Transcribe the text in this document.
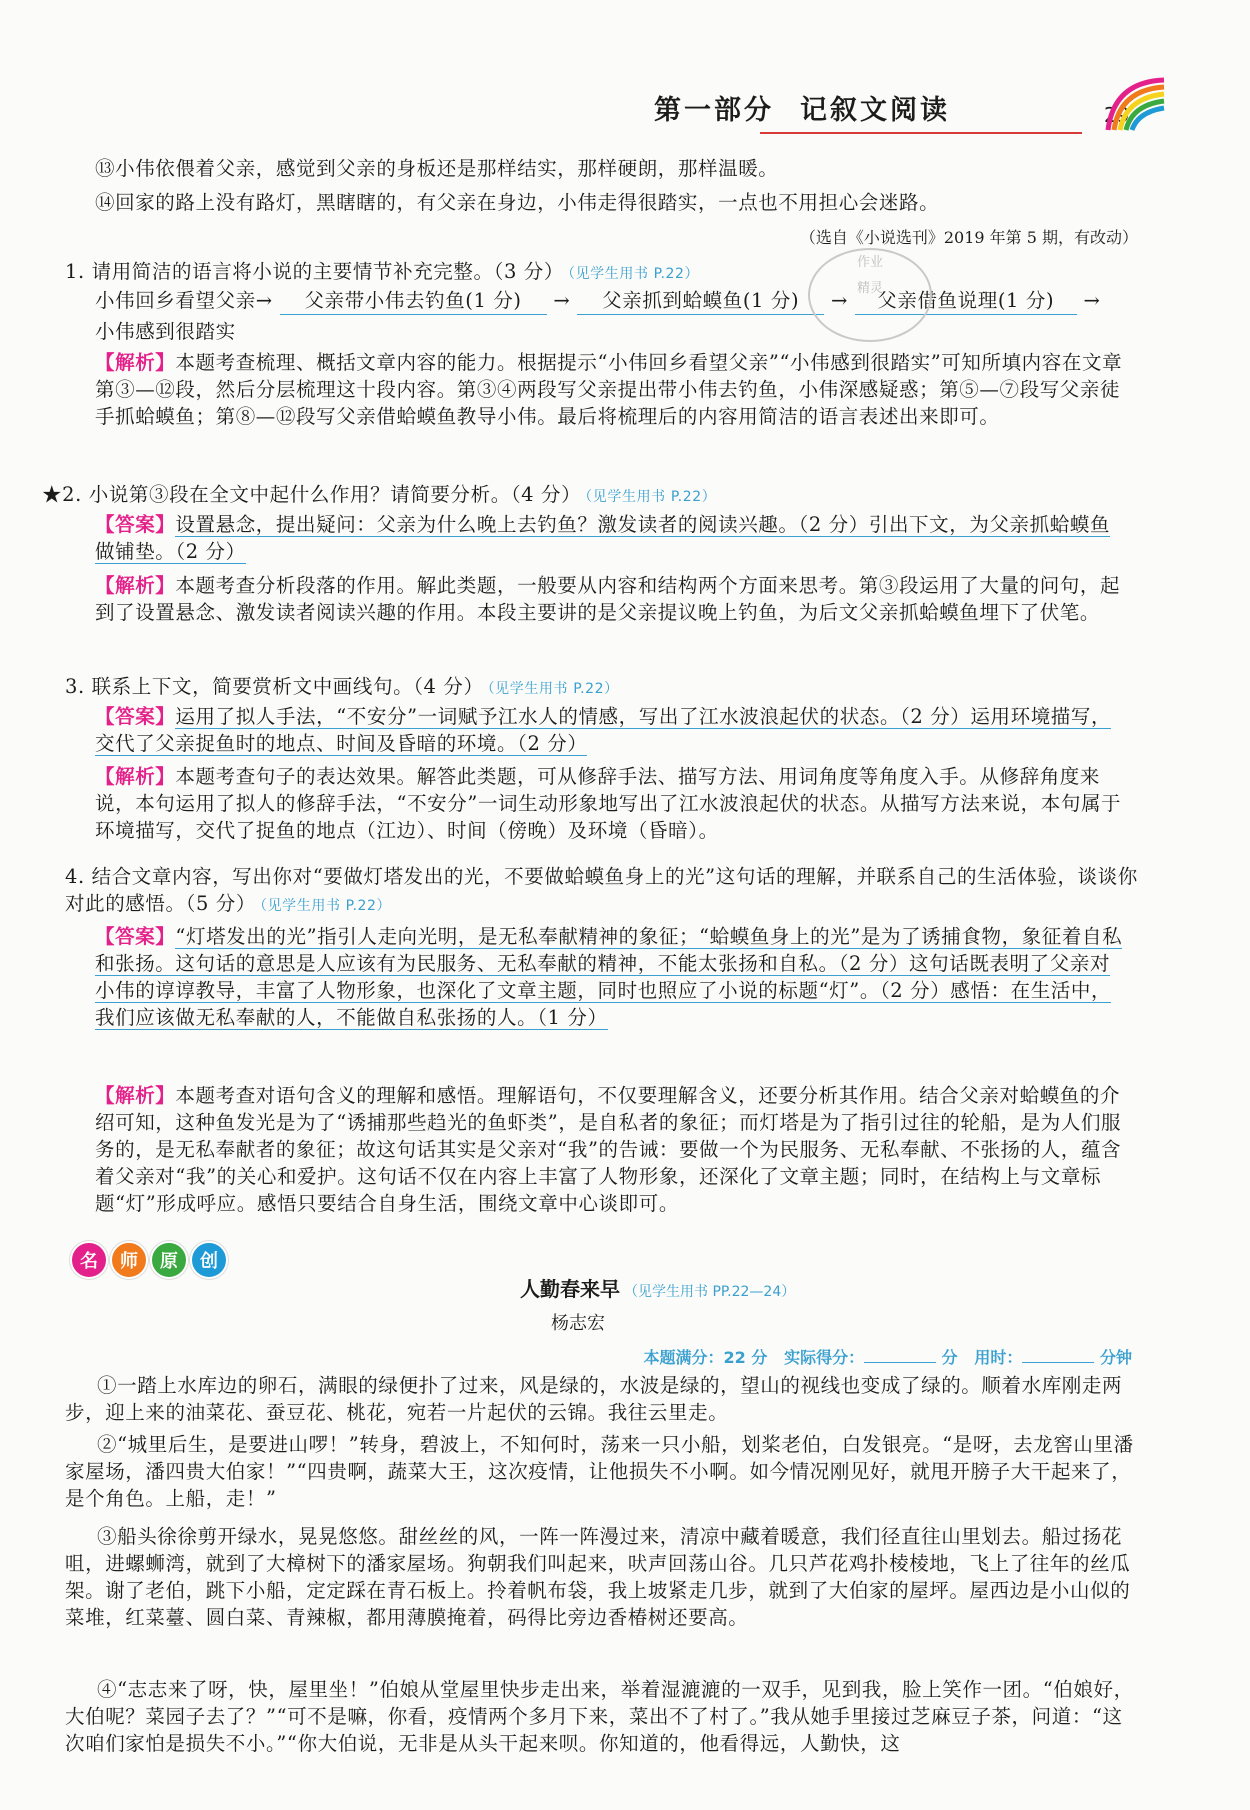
第一部分 记叙文阅读	29
⑬小伟依偎着父亲，感觉到父亲的身板还是那样结实，那样硬朗，那样温暖。
⑭回家的路上没有路灯，黑瞎瞎的，有父亲在身边，小伟走得很踏实，一点也不用担心会迷路。
（选自《小说选刊》2019 年第 5 期，有改动）
1. 请用简洁的语言将小说的主要情节补充完整。（3 分） （见学生用书 P.22）
小伟回乡看望父亲→ 父亲带小伟去钓鱼(1 分) → 父亲抓到蛤蟆鱼(1 分) → 父亲借鱼说理(1 分) →
小伟感到很踏实
【解析】本题考查梳理、概括文章内容的能力。根据提示“小伟回乡看望父亲”“小伟感到很踏实”可知所填内容在文章第③—⑫段，然后分层梳理这十段内容。第③④两段写父亲提出带小伟去钓鱼，小伟深感疑惑；第⑤—⑦段写父亲徒手抓蛤蟆鱼；第⑧—⑫段写父亲借蛤蟆鱼教导小伟。最后将梳理后的内容用简洁的语言表述出来即可。
作业
精灵
★2. 小说第③段在全文中起什么作用？请简要分析。（4 分） （见学生用书 P.22）
【答案】设置悬念，提出疑问：父亲为什么晚上去钓鱼？激发读者的阅读兴趣。（2 分）引出下文，为父亲抓蛤蟆鱼做铺垫。（2 分）
【解析】本题考查分析段落的作用。解此类题，一般要从内容和结构两个方面来思考。第③段运用了大量的问句，起到了设置悬念、激发读者阅读兴趣的作用。本段主要讲的是父亲提议晚上钓鱼，为后文父亲抓蛤蟆鱼埋下了伏笔。
3. 联系上下文，简要赏析文中画线句。（4 分） （见学生用书 P.22）
【答案】运用了拟人手法，“不安分”一词赋予江水人的情感，写出了江水波浪起伏的状态。（2 分）运用环境描写，交代了父亲捉鱼时的地点、时间及昏暗的环境。（2 分）
【解析】本题考查句子的表达效果。解答此类题，可从修辞手法、描写方法、用词角度等角度入手。从修辞角度来说，本句运用了拟人的修辞手法，“不安分”一词生动形象地写出了江水波浪起伏的状态。从描写方法来说，本句属于环境描写，交代了捉鱼的地点（江边）、时间（傍晚）及环境（昏暗）。
4. 结合文章内容，写出你对“要做灯塔发出的光，不要做蛤蟆鱼身上的光”这句话的理解，并联系自己的生活体验，谈谈你对此的感悟。（5 分） （见学生用书 P.22）
【答案】“灯塔发出的光”指引人走向光明，是无私奉献精神的象征；“蛤蟆鱼身上的光”是为了诱捕食物，象征着自私和张扬。这句话的意思是人应该有为民服务、无私奉献的精神，不能太张扬和自私。（2 分）这句话既表明了父亲对小伟的谆谆教导，丰富了人物形象，也深化了文章主题，同时也照应了小说的标题“灯”。（2 分）感悟：在生活中，我们应该做无私奉献的人，不能做自私张扬的人。（1 分）
【解析】本题考查对语句含义的理解和感悟。理解语句，不仅要理解含义，还要分析其作用。结合父亲对蛤蟆鱼的介绍可知，这种鱼发光是为了“诱捕那些趋光的鱼虾类”，是自私者的象征；而灯塔是为了指引过往的轮船，是为人们服务的，是无私奉献者的象征；故这句话其实是父亲对“我”的告诫：要做一个为民服务、无私奉献、不张扬的人，蕴含着父亲对“我”的关心和爱护。这句话不仅在内容上丰富了人物形象，还深化了文章主题；同时，在结构上与文章标题“灯”形成呼应。感悟只要结合自身生活，围绕文章中心谈即可。
名	师	原	创
人勤春来早 （见学生用书 PP.22—24）
杨志宏
本题满分：22 分 实际得分：	分 用时：	分钟
①一踏上水库边的卵石，满眼的绿便扑了过来，风是绿的，水波是绿的，望山的视线也变成了绿的。顺着水库刚走两步，迎上来的油菜花、蚕豆花、桃花，宛若一片起伏的云锦。我往云里走。
②“城里后生，是要进山啰！”转身，碧波上，不知何时，荡来一只小船，划桨老伯，白发银亮。“是呀，去龙窖山里潘家屋场，潘四贵大伯家！”“四贵啊，蔬菜大王，这次疫情，让他损失不小啊。如今情况刚见好，就甩开膀子大干起来了，是个角色。上船，走！”
③船头徐徐剪开绿水，晃晃悠悠。甜丝丝的风，一阵一阵漫过来，清凉中藏着暖意，我们径直往山里划去。船过扬花咀，进螺蛳湾，就到了大樟树下的潘家屋场。狗朝我们叫起来，吠声回荡山谷。几只芦花鸡扑棱棱地，飞上了往年的丝瓜架。谢了老伯，跳下小船，定定踩在青石板上。拎着帆布袋，我上坡紧走几步，就到了大伯家的屋坪。屋西边是小山似的菜堆，红菜薹、圆白菜、青辣椒，都用薄膜掩着，码得比旁边香椿树还要高。
④“志志来了呀，快，屋里坐！”伯娘从堂屋里快步走出来，举着湿漉漉的一双手，见到我，脸上笑作一团。“伯娘好，大伯呢？菜园子去了？”“可不是嘛，你看，疫情两个多月下来，菜出不了村了。”我从她手里接过芝麻豆子茶，问道：“这次咱们家怕是损失不小。”“你大伯说，无非是从头干起来呗。你知道的，他看得远，人勤快，这
